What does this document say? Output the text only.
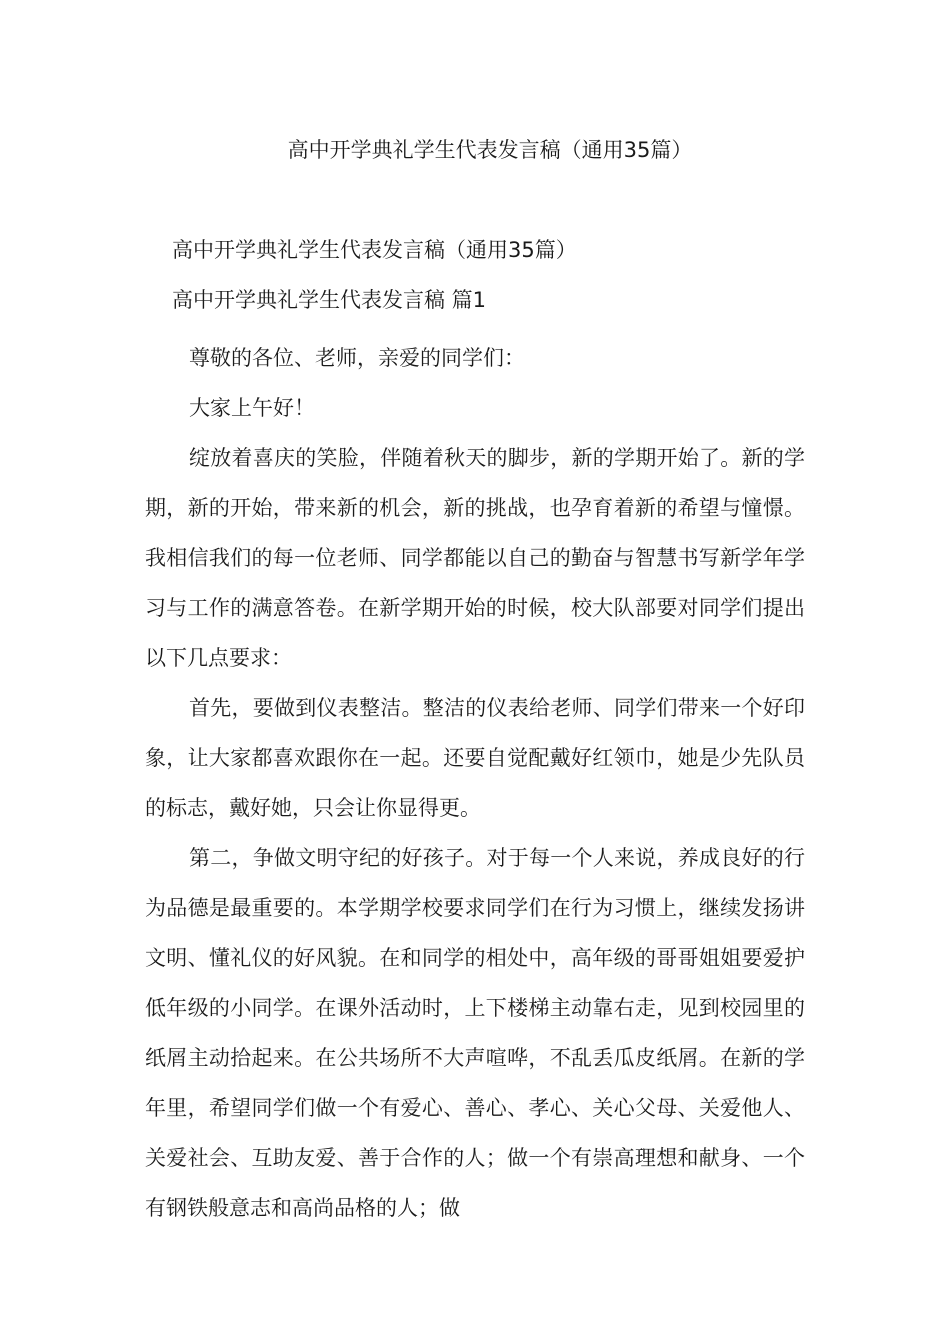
高中开学典礼学生代表发言稿（通用35篇）
高中开学典礼学生代表发言稿（通用35篇）
高中开学典礼学生代表发言稿 篇1

尊敬的各位、老师，亲爱的同学们：

大家上午好！

绽放着喜庆的笑脸，伴随着秋天的脚步，新的学期开始了。新的学期，新的开始，带来新的机会，新的挑战，也孕育着新的希望与憧憬。我相信我们的每一位老师、同学都能以自己的勤奋与智慧书写新学年学习与工作的满意答卷。在新学期开始的时候，校大队部要对同学们提出以下几点要求：

首先，要做到仪表整洁。整洁的仪表给老师、同学们带来一个好印象，让大家都喜欢跟你在一起。还要自觉配戴好红领巾，她是少先队员的标志，戴好她，只会让你显得更。

第二，争做文明守纪的好孩子。对于每一个人来说，养成良好的行为品德是最重要的。本学期学校要求同学们在行为习惯上，继续发扬讲文明、懂礼仪的好风貌。在和同学的相处中，高年级的哥哥姐姐要爱护低年级的小同学。在课外活动时，上下楼梯主动靠右走，见到校园里的纸屑主动拾起来。在公共场所不大声喧哗，不乱丢瓜皮纸屑。在新的学年里，希望同学们做一个有爱心、善心、孝心、关心父母、关爱他人、关爱社会、互助友爱、善于合作的人；做一个有崇高理想和献身、一个有钢铁般意志和高尚品格的人；做
